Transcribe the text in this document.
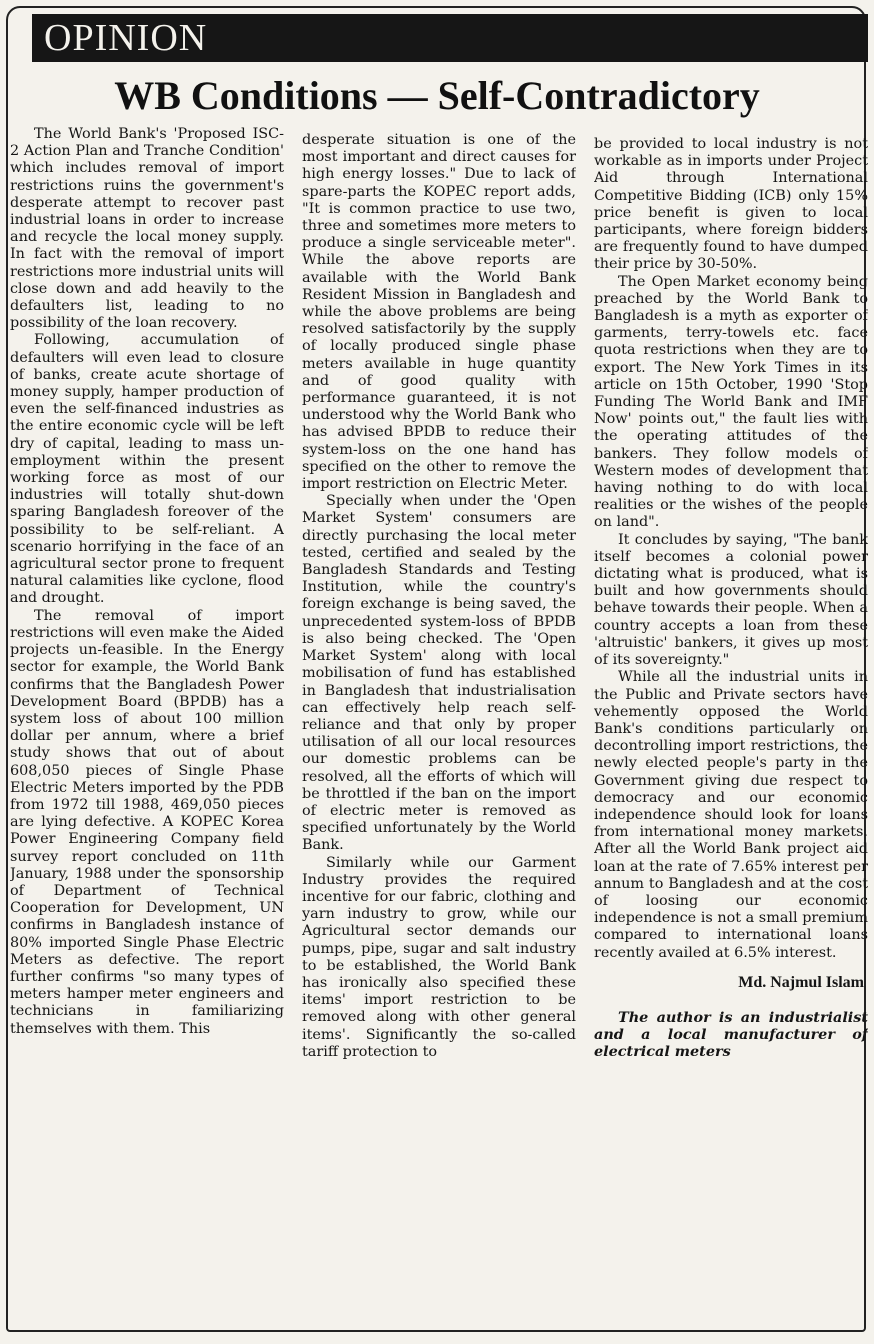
OPINION
WB Conditions — Self-Contradictory

The World Bank's 'Proposed ISC-2 Action Plan and Tranche Condition' which includes removal of import restrictions ruins the government's desperate attempt to recover past industrial loans in order to increase and recycle the local money supply. In fact with the removal of import restrictions more industrial units will close down and add heavily to the defaulters list, leading to no possibility of the loan recovery.

Following, accumulation of defaulters will even lead to closure of banks, create acute shortage of money supply, hamper production of even the self-financed industries as the entire economic cycle will be left dry of capital, leading to mass un-employment within the present working force as most of our industries will totally shut-down sparing Bangladesh foreover of the possibility to be self-reliant. A scenario horrifying in the face of an agricultural sector prone to frequent natural calamities like cyclone, flood and drought.

The removal of import restrictions will even make the Aided projects un-feasible. In the Energy sector for example, the World Bank confirms that the Bangladesh Power Development Board (BPDB) has a system loss of about 100 million dollar per annum, where a brief study shows that out of about 608,050 pieces of Single Phase Electric Meters imported by the PDB from 1972 till 1988, 469,050 pieces are lying defective. A KOPEC Korea Power Engineering Company field survey report concluded on 11th January, 1988 under the sponsorship of Department of Technical Cooperation for Development, UN confirms in Bangladesh instance of 80% imported Single Phase Electric Meters as defective. The report further confirms "so many types of meters hamper meter engineers and technicians in familiarizing themselves with them. This

desperate situation is one of the most important and direct causes for high energy losses." Due to lack of spare-parts the KOPEC report adds, "It is common practice to use two, three and sometimes more meters to produce a single serviceable meter". While the above reports are available with the World Bank Resident Mission in Bangladesh and while the above problems are being resolved satisfactorily by the supply of locally produced single phase meters available in huge quantity and of good quality with performance guaranteed, it is not understood why the World Bank who has advised BPDB to reduce their system-loss on the one hand has specified on the other to remove the import restriction on Electric Meter.

Specially when under the 'Open Market System' consumers are directly purchasing the local meter tested, certified and sealed by the Bangladesh Standards and Testing Institution, while the country's foreign exchange is being saved, the unprecedented system-loss of BPDB is also being checked. The 'Open Market System' along with local mobilisation of fund has established in Bangladesh that industrialisation can effectively help reach self-reliance and that only by proper utilisation of all our local resources our domestic problems can be resolved, all the efforts of which will be throttled if the ban on the import of electric meter is removed as specified unfortunately by the World Bank.

Similarly while our Garment Industry provides the required incentive for our fabric, clothing and yarn industry to grow, while our Agricultural sector demands our pumps, pipe, sugar and salt industry to be established, the World Bank has ironically also specified these items' import restriction to be removed along with other general items'. Significantly the so-called tariff protection to

be provided to local industry is not workable as in imports under Project Aid through International Competitive Bidding (ICB) only 15% price benefit is given to local participants, where foreign bidders are frequently found to have dumped their price by 30-50%.

The Open Market economy being preached by the World Bank to Bangladesh is a myth as exporter of garments, terry-towels etc. face quota restrictions when they are to export. The New York Times in its article on 15th October, 1990 'Stop Funding The World Bank and IMF Now' points out," the fault lies with the operating attitudes of the bankers. They follow models of Western modes of development that having nothing to do with local realities or the wishes of the people on land".

It concludes by saying, "The bank itself becomes a colonial power dictating what is produced, what is built and how governments should behave towards their people. When a country accepts a loan from these 'altruistic' bankers, it gives up most of its sovereignty."

While all the industrial units in the Public and Private sectors have vehemently opposed the World Bank's conditions particularly on decontrolling import restrictions, the newly elected people's party in the Government giving due respect to democracy and our economic independence should look for loans from international money markets. After all the World Bank project aid loan at the rate of 7.65% interest per annum to Bangladesh and at the cost of loosing our economic independence is not a small premium compared to international loans recently availed at 6.5% interest.

Md. Najmul Islam
The author is an industrialist and a local manufacturer of electrical meters
